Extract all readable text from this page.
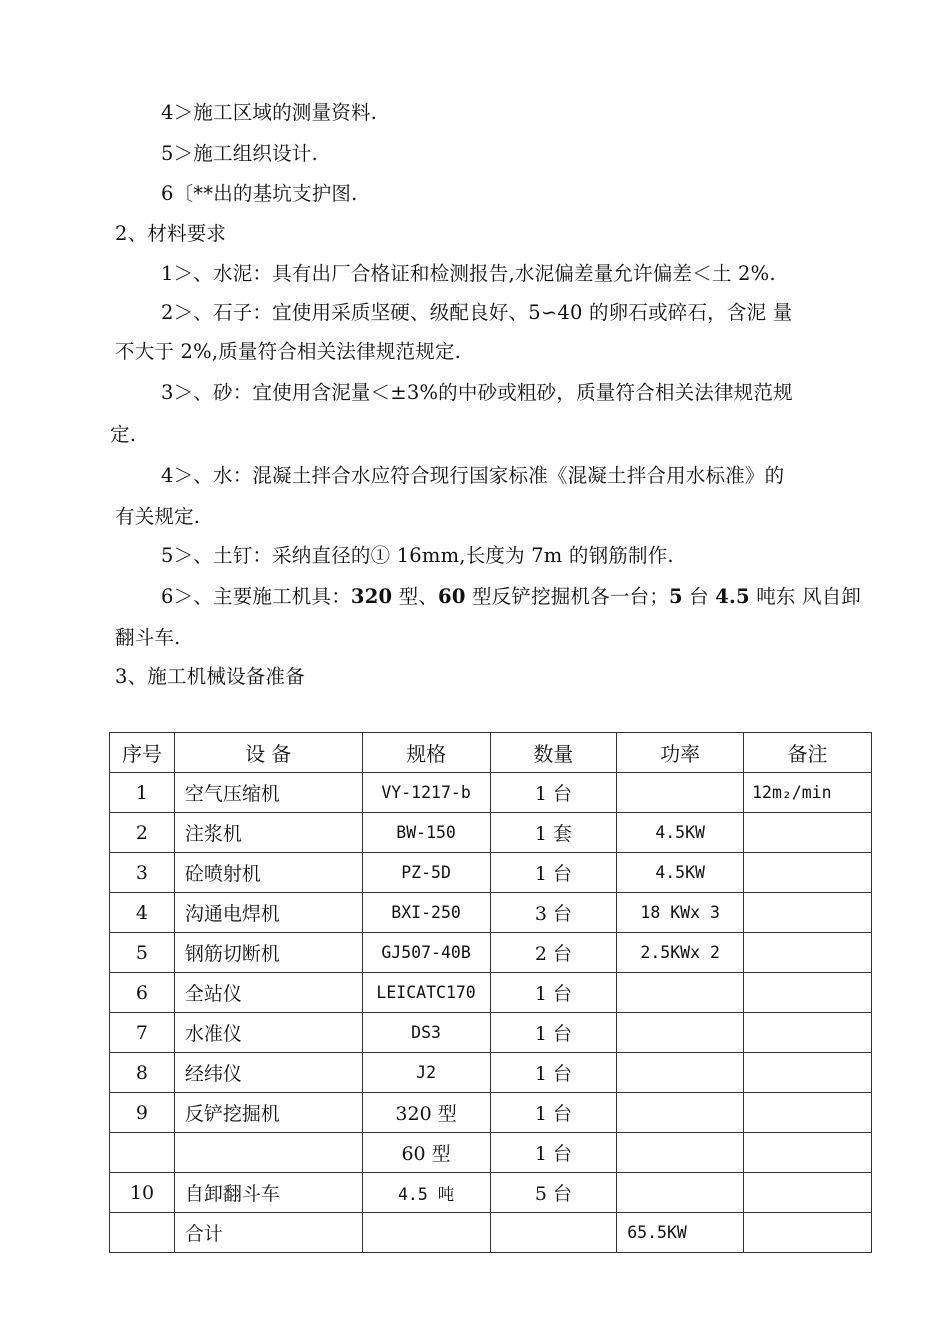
4＞施工区域的测量资料.
5＞施工组织设计.
6〔**出的基坑支护图.
2、材料要求
1＞、水泥：具有出厂合格证和检测报告,水泥偏差量允许偏差＜土 2%.
2＞、石子：宜使用采质坚硬、级配良好、5∽40 的卵石或碎石，含泥 量
不大于 2%,质量符合相关法律规范规定.
3＞、砂：宜使用含泥量＜±3%的中砂或粗砂，质量符合相关法律规范规
定.
4＞、水：混凝土拌合水应符合现行国家标准《混凝土拌合用水标准》的
有关规定.
5＞、土钉：采纳直径的① 16mm,长度为 7m 的钢筋制作.
6＞、主要施工机具：320 型、60 型反铲挖掘机各一台；5 台 4.5 吨东 风自卸
翻斗车.
3、施工机械设备准备
序号	设 备	规格	数量	功率	备注
1	空气压缩机	VY-1217-b	1 台		12m₂/min
2	注浆机	BW-150	1 套	4.5KW	
3	砼喷射机	PZ-5D	1 台	4.5KW	
4	沟通电焊机	BXI-250	3 台	18 KWx 3	
5	钢筋切断机	GJ507-40B	2 台	2.5KWx 2	
6	全站仪	LEICATC170	1 台		
7	水准仪	DS3	1 台		
8	经纬仪	J2	1 台		
9	反铲挖掘机	320 型	1 台		
		60 型	1 台		
10	自卸翻斗车	4.5 吨	5 台		
	合计			65.5KW	
